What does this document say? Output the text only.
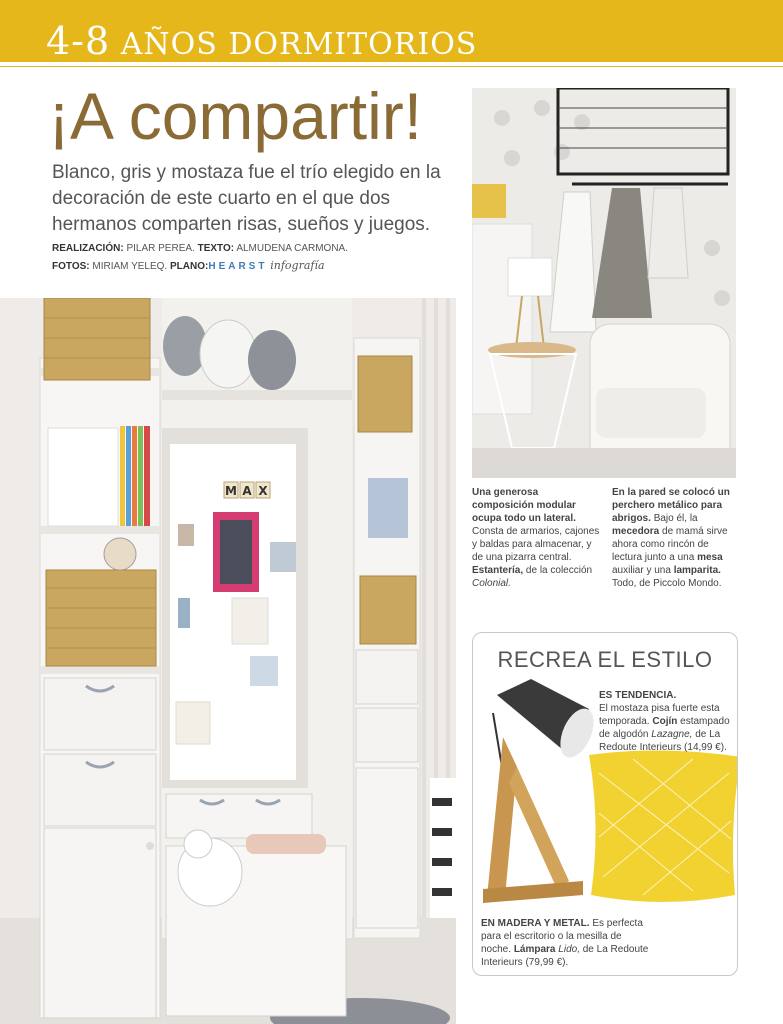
4-8 AÑOS DORMITORIOS
¡A compartir!
Blanco, gris y mostaza fue el trío elegido en la decoración de este cuarto en el que dos hermanos comparten risas, sueños y juegos.
REALIZACIÓN: PILAR PEREA. TEXTO: ALMUDENA CARMONA.
FOTOS: MIRIAM YELEQ. PLANO:HEARST infografía
M A X	Una generosa composición modular ocupa todo un lateral. Consta de armarios, cajones y baldas para almacenar, y de una pizarra central. Estantería, de la colección Colonial.
En la pared se colocó un perchero metálico para abrigos. Bajo él, la mecedora de mamá sirve ahora como rincón de lectura junto a una mesa auxiliar y una lamparita. Todo, de Piccolo Mondo.
RECREA EL ESTILO
ES TENDENCIA.
El mostaza pisa fuerte esta temporada. Cojín estampado de algodón Lazagne, de La Redoute Interieurs (14,99 €).
EN MADERA Y METAL. Es perfecta para el escritorio o la mesilla de noche. Lámpara Lido, de La Redoute Interieurs (79,99 €).
